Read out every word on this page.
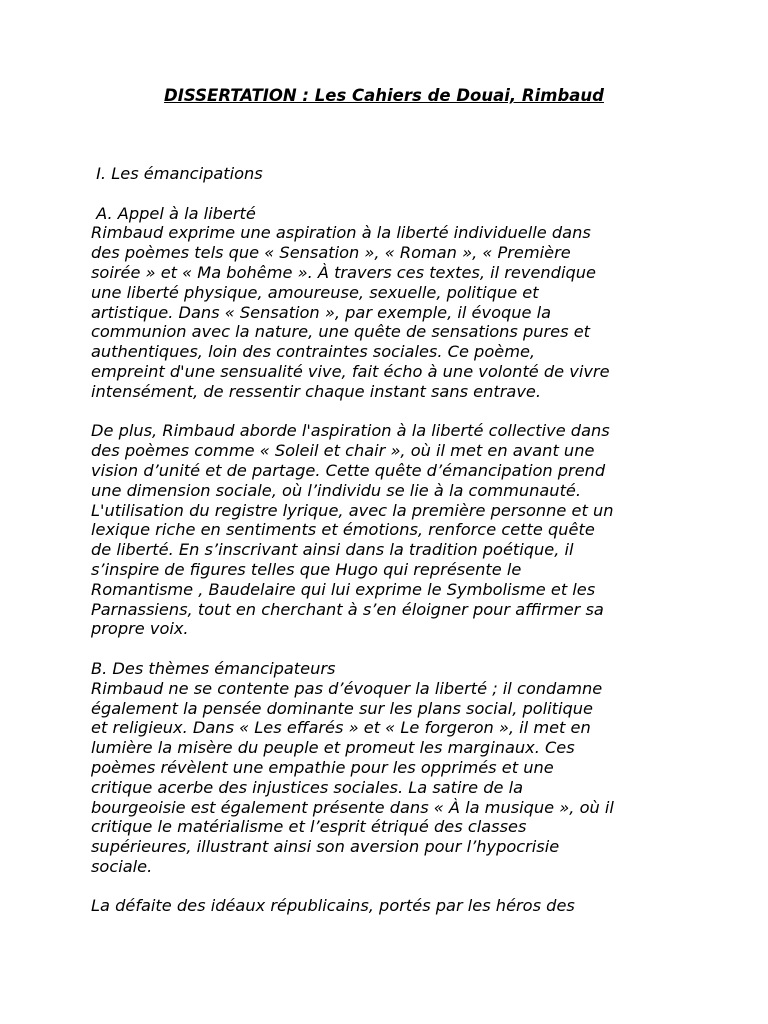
DISSERTATION : Les Cahiers de Douai, Rimbaud
I. Les émancipations
A. Appel à la liberté
Rimbaud exprime une aspiration à la liberté individuelle dans
des poèmes tels que « Sensation », « Roman », « Première
soirée » et « Ma bohême ». À travers ces textes, il revendique
une liberté physique, amoureuse, sexuelle, politique et
artistique. Dans « Sensation », par exemple, il évoque la
communion avec la nature, une quête de sensations pures et
authentiques, loin des contraintes sociales. Ce poème,
empreint d'une sensualité vive, fait écho à une volonté de vivre
intensément, de ressentir chaque instant sans entrave.
De plus, Rimbaud aborde l'aspiration à la liberté collective dans
des poèmes comme « Soleil et chair », où il met en avant une
vision d’unité et de partage. Cette quête d’émancipation prend
une dimension sociale, où l’individu se lie à la communauté.
L'utilisation du registre lyrique, avec la première personne et un
lexique riche en sentiments et émotions, renforce cette quête
de liberté. En s’inscrivant ainsi dans la tradition poétique, il
s’inspire de figures telles que Hugo qui représente le
Romantisme , Baudelaire qui lui exprime le Symbolisme et les
Parnassiens, tout en cherchant à s’en éloigner pour affirmer sa
propre voix.
B. Des thèmes émancipateurs
Rimbaud ne se contente pas d’évoquer la liberté ; il condamne
également la pensée dominante sur les plans social, politique
et religieux. Dans « Les effarés » et « Le forgeron », il met en
lumière la misère du peuple et promeut les marginaux. Ces
poèmes révèlent une empathie pour les opprimés et une
critique acerbe des injustices sociales. La satire de la
bourgeoisie est également présente dans « À la musique », où il
critique le matérialisme et l’esprit étriqué des classes
supérieures, illustrant ainsi son aversion pour l’hypocrisie
sociale.
La défaite des idéaux républicains, portés par les héros des
